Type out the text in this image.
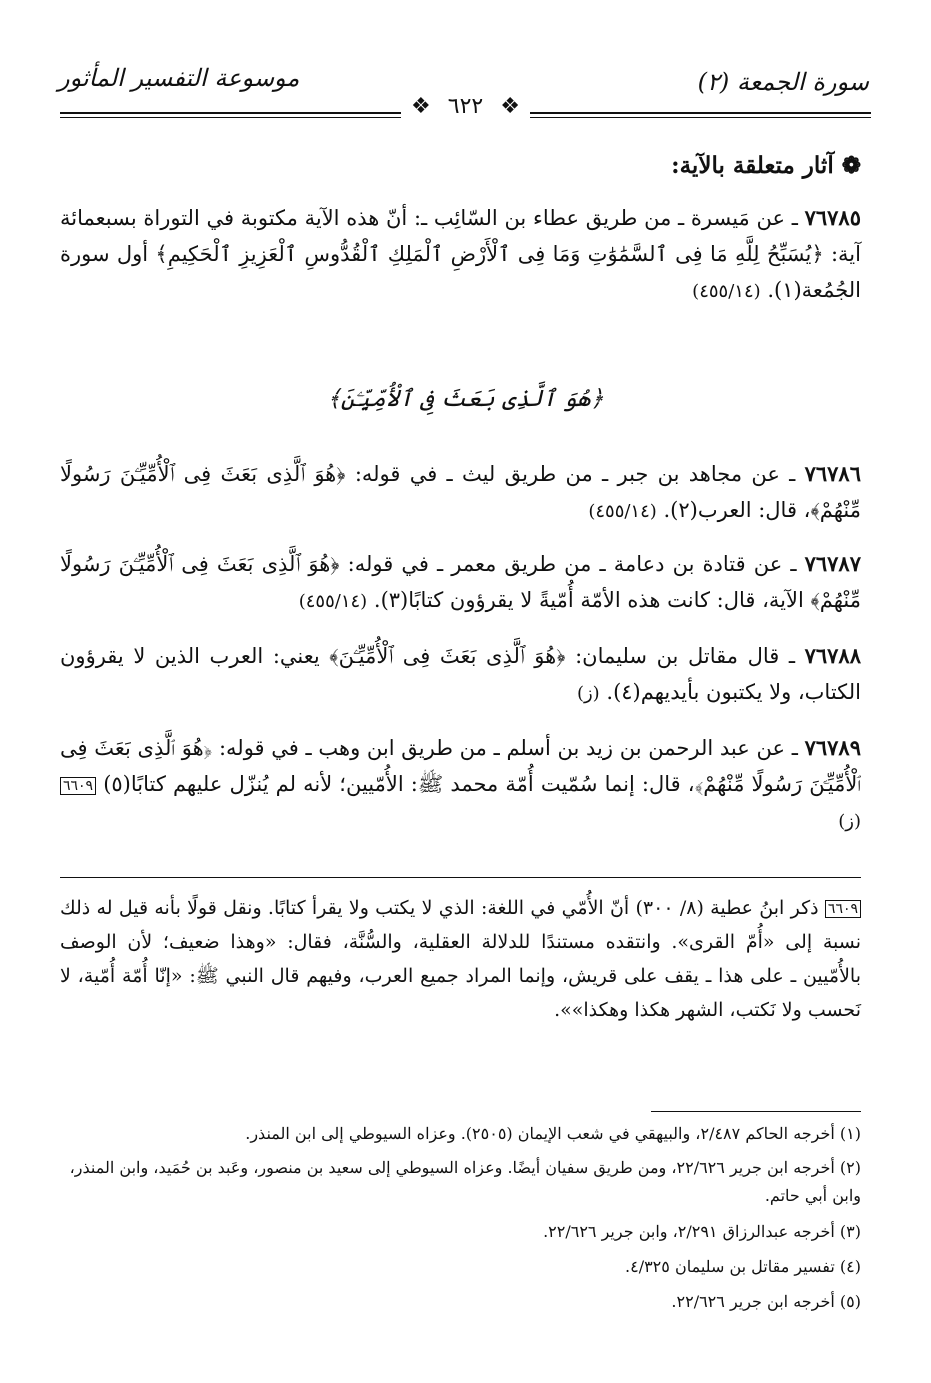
سورة الجمعة (٢)
موسوعة التفسير المأثور
❖ ٦٢٢ ❖
❁ آثار متعلقة بالآية:
٧٦٧٨٥ ـ عن مَيسرة ـ من طريق عطاء بن السّائِب ـ: أنّ هذه الآية مكتوبة في التوراة بسبعمائة آية: ﴿يُسَبِّحُ لِلَّهِ مَا فِى ٱلسَّمَٰوَٰتِ وَمَا فِى ٱلْأَرْضِ ٱلْمَلِكِ ٱلْقُدُّوسِ ٱلْعَزِيزِ ٱلْحَكِيمِ﴾ أول سورة الجُمُعة(١). (٤٥٥/١٤)
﴿هُوَ ٱلَّذِى بَعَثَ فِى ٱلْأُمِّيِّـۧنَ﴾
٧٦٧٨٦ ـ عن مجاهد بن جبر ـ من طريق ليث ـ في قوله: ﴿هُوَ ٱلَّذِى بَعَثَ فِى ٱلْأُمِّيِّـۧنَ رَسُولًا مِّنْهُمْ﴾، قال: العرب(٢). (٤٥٥/١٤)
٧٦٧٨٧ ـ عن قتادة بن دعامة ـ من طريق معمر ـ في قوله: ﴿هُوَ ٱلَّذِى بَعَثَ فِى ٱلْأُمِّيِّـۧنَ رَسُولًا مِّنْهُمْ﴾ الآية، قال: كانت هذه الأمّة أُمّيةً لا يقرؤون كتابًا(٣). (٤٥٥/١٤)
٧٦٧٨٨ ـ قال مقاتل بن سليمان: ﴿هُوَ ٱلَّذِى بَعَثَ فِى ٱلْأُمِّيِّـۧنَ﴾ يعني: العرب الذين لا يقرؤون الكتاب، ولا يكتبون بأيديهم(٤). (ز)
٧٦٧٨٩ ـ عن عبد الرحمن بن زيد بن أسلم ـ من طريق ابن وهب ـ في قوله: ﴿هُوَ ٱلَّذِى بَعَثَ فِى ٱلْأُمِّيِّـۧنَ رَسُولًا مِّنْهُمْ﴾، قال: إنما سُمّيت أُمّة محمد ﷺ: الأُمّيين؛ لأنه لم يُنزّل عليهم كتابًا(٥) ٦٦٠٩ (ز)
٦٦٠٩ ذكر ابنُ عطية (٨/ ٣٠٠) أنّ الأُمّي في اللغة: الذي لا يكتب ولا يقرأ كتابًا. ونقل قولًا بأنه قيل له ذلك نسبة إلى «أُمّ القرى». وانتقده مستندًا للدلالة العقلية، والسُّنَّة، فقال: «وهذا ضعيف؛ لأن الوصف بالأُمّيين ـ على هذا ـ يقف على قريش، وإنما المراد جميع العرب، وفيهم قال النبي ﷺ: «إنّا أُمّة أُمّية، لا نَحسب ولا نَكتب، الشهر هكذا وهكذا»».
(١) أخرجه الحاكم ٢/٤٨٧، والبيهقي في شعب الإيمان (٢٥٠٥). وعزاه السيوطي إلى ابن المنذر.
(٢) أخرجه ابن جرير ٢٢/٦٢٦، ومن طريق سفيان أيضًا. وعزاه السيوطي إلى سعيد بن منصور، وعَبد بن حُمَيد، وابن المنذر، وابن أبي حاتم.
(٣) أخرجه عبدالرزاق ٢/٢٩١، وابن جرير ٢٢/٦٢٦.
(٤) تفسير مقاتل بن سليمان ٤/٣٢٥.
(٥) أخرجه ابن جرير ٢٢/٦٢٦.
